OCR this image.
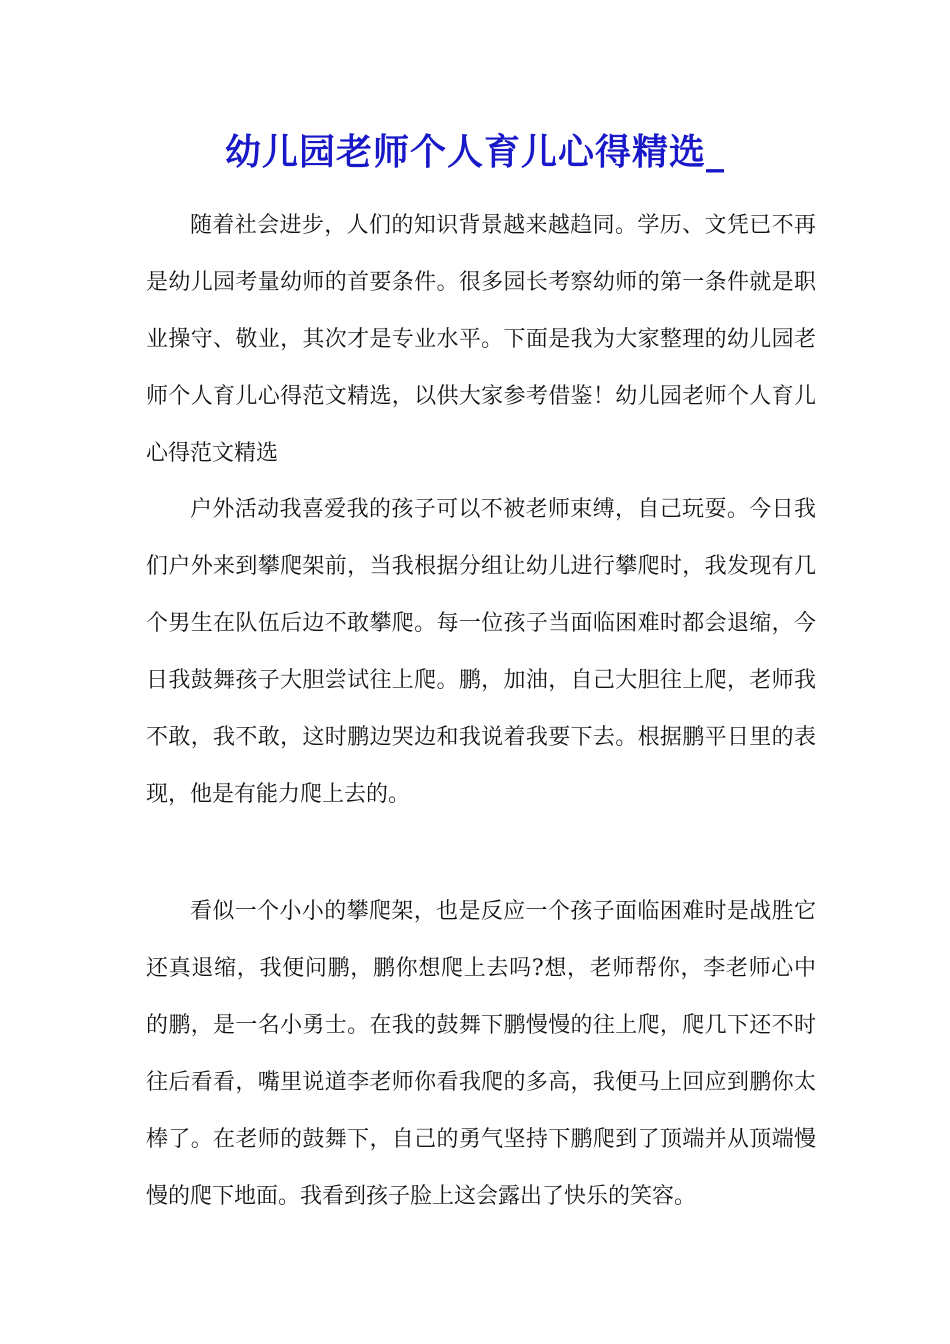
幼儿园老师个人育儿心得精选_

随着社会进步，人们的知识背景越来越趋同。学历、文凭已不再是幼儿园考量幼师的首要条件。很多园长考察幼师的第一条件就是职业操守、敬业，其次才是专业水平。下面是我为大家整理的幼儿园老师个人育儿心得范文精选，以供大家参考借鉴！幼儿园老师个人育儿心得范文精选

户外活动我喜爱我的孩子可以不被老师束缚，自己玩耍。今日我们户外来到攀爬架前，当我根据分组让幼儿进行攀爬时，我发现有几个男生在队伍后边不敢攀爬。每一位孩子当面临困难时都会退缩，今日我鼓舞孩子大胆尝试往上爬。鹏，加油，自己大胆往上爬，老师我不敢，我不敢，这时鹏边哭边和我说着我要下去。根据鹏平日里的表现，他是有能力爬上去的。

看似一个小小的攀爬架，也是反应一个孩子面临困难时是战胜它还真退缩，我便问鹏，鹏你想爬上去吗?想，老师帮你，李老师心中的鹏，是一名小勇士。在我的鼓舞下鹏慢慢的往上爬，爬几下还不时往后看看，嘴里说道李老师你看我爬的多高，我便马上回应到鹏你太棒了。在老师的鼓舞下，自己的勇气坚持下鹏爬到了顶端并从顶端慢慢的爬下地面。我看到孩子脸上这会露出了快乐的笑容。
